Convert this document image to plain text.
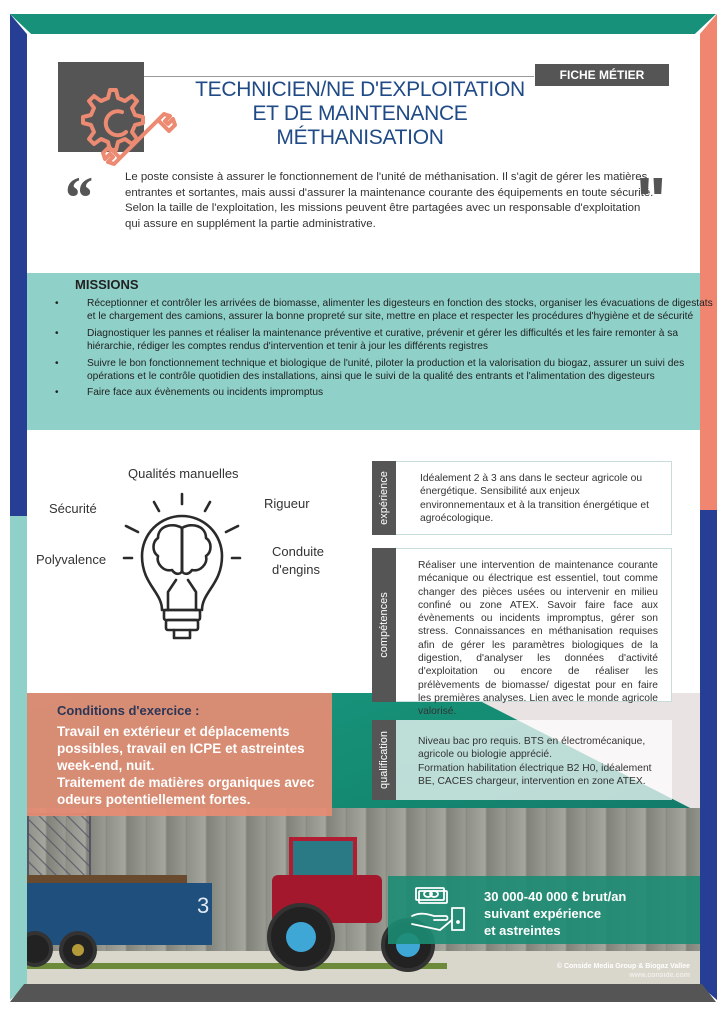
FICHE MÉTIER
TECHNICIEN/NE D'EXPLOITATION
ET DE MAINTENANCE
MÉTHANISATION
“	Le poste consiste à assurer le fonctionnement de l'unité de méthanisation. Il s'agit de gérer les matières entrantes et sortantes, mais aussi d'assurer la maintenance courante des équipements en toute sécurité. Selon la taille de l'exploitation, les missions peuvent être partagées avec un responsable d'exploitation qui assure en supplément la partie administrative.	"
MISSIONS
• Réceptionner et contrôler les arrivées de biomasse, alimenter les digesteurs en fonction des stocks, organiser les évacuations de digestats et le chargement des camions, assurer la bonne propreté sur site, mettre en place et respecter les procédures d'hygiène et de sécurité
• Diagnostiquer les pannes et réaliser la maintenance préventive et curative, prévenir et gérer les difficultés et les faire remonter à sa hiérarchie, rédiger les comptes rendus d'intervention et tenir à jour les différents registres
• Suivre le bon fonctionnement technique et biologique de l'unité, piloter la production et la valorisation du biogaz, assurer un suivi des opérations et le contrôle quotidien des installations, ainsi que le suivi de la qualité des entrants et l'alimentation des digesteurs
• Faire face aux évènements ou incidents impromptus
Qualités manuelles
Sécurité	Rigueur
Polyvalence
Conduite d'engins
3
expérience	Idéalement 2 à 3 ans dans le secteur agricole ou énergétique. Sensibilité aux enjeux environnementaux et à la transition énergétique et agroécologique.
compétences
Réaliser une intervention de maintenance courante mécanique ou électrique est essentiel, tout comme changer des pièces usées ou intervenir en milieu confiné ou zone ATEX. Savoir faire face aux évènements ou incidents impromptus, gérer son stress. Connaissances en méthanisation requises afin de gérer les paramètres biologiques de la digestion, d'analyser les données d'activité d'exploitation ou encore de réaliser les prélèvements de biomasse/ digestat pour en faire les premières analyses. Lien avec le monde agricole valorisé.
qualification	Niveau bac pro requis. BTS en électromécanique, agricole ou biologie apprécié.
Formation habilitation électrique B2 H0, idéalement BE, CACES chargeur, intervention en zone ATEX.
Conditions d'exercice :

Travail en extérieur et déplacements possibles, travail en ICPE et astreintes week-end, nuit.
Traitement de matières organiques avec odeurs potentiellement fortes.

30 000-40 000 € brut/an
suivant expérience
et astreintes
© Conside Media Group & Biogaz Vallee
www.conside.com
